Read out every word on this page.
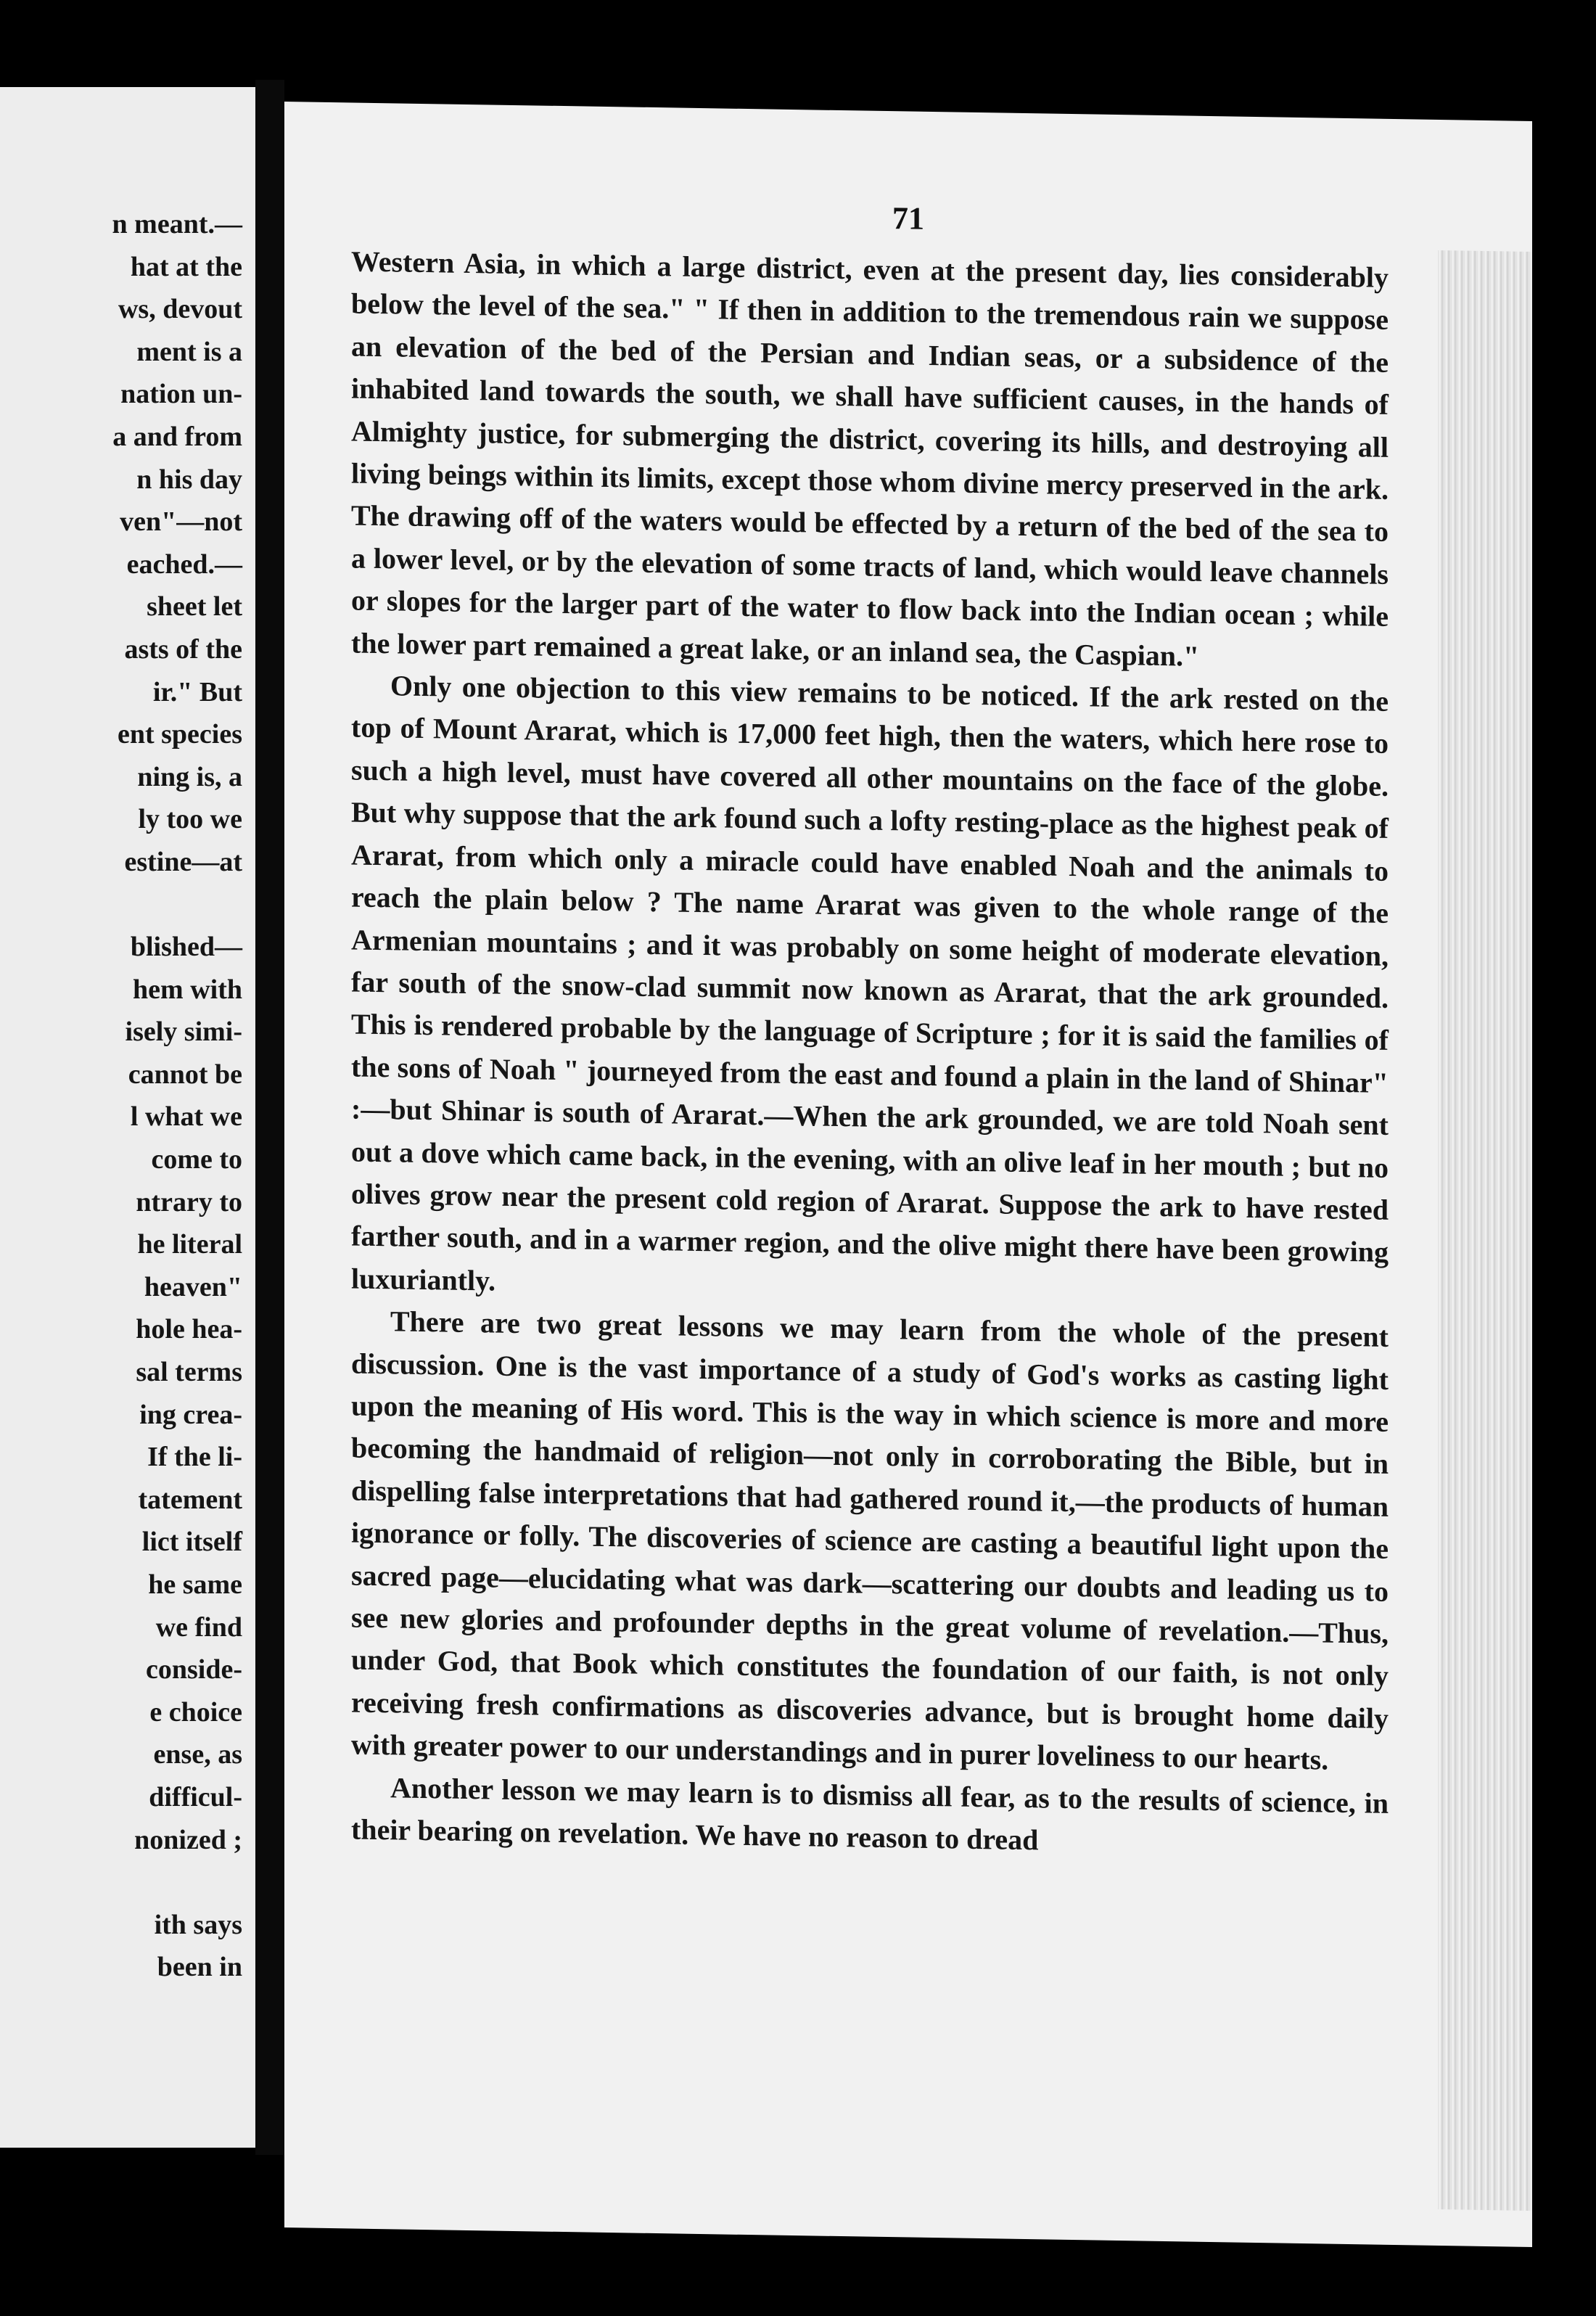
n meant.—
hat at the
ws, devout
ment is a
nation un-
a and from
n his day
ven"—not
eached.—
sheet let
asts of the
ir." But
ent species
ning is, a
ly too we
estine—at
blished—
hem with
isely simi-
cannot be
l what we
come to
ntrary to
he literal
heaven"
hole hea-
sal terms
ing crea-
If the li-
tatement
lict itself
he same
we find
conside-
e choice
ense, as
difficul-
nonized ;
ith says
been in
71

Western Asia, in which a large district, even at the present day, lies considerably below the level of the sea." " If then in addition to the tremendous rain we suppose an elevation of the bed of the Persian and Indian seas, or a subsidence of the inhabited land towards the south, we shall have sufficient causes, in the hands of Almighty justice, for submerging the district, covering its hills, and destroying all living beings within its limits, except those whom divine mercy preserved in the ark. The drawing off of the waters would be effected by a return of the bed of the sea to a lower level, or by the elevation of some tracts of land, which would leave channels or slopes for the larger part of the water to flow back into the Indian ocean ; while the lower part remained a great lake, or an inland sea, the Caspian."

Only one objection to this view remains to be noticed. If the ark rested on the top of Mount Ararat, which is 17,000 feet high, then the waters, which here rose to such a high level, must have covered all other mountains on the face of the globe. But why suppose that the ark found such a lofty resting-place as the highest peak of Ararat, from which only a miracle could have enabled Noah and the animals to reach the plain below ? The name Ararat was given to the whole range of the Armenian mountains ; and it was probably on some height of moderate elevation, far south of the snow-clad summit now known as Ararat, that the ark grounded. This is rendered probable by the language of Scripture ; for it is said the families of the sons of Noah " journeyed from the east and found a plain in the land of Shinar" :—but Shinar is south of Ararat.—When the ark grounded, we are told Noah sent out a dove which came back, in the evening, with an olive leaf in her mouth ; but no olives grow near the present cold region of Ararat. Suppose the ark to have rested farther south, and in a warmer region, and the olive might there have been growing luxuriantly.

There are two great lessons we may learn from the whole of the present discussion. One is the vast importance of a study of God's works as casting light upon the meaning of His word. This is the way in which science is more and more becoming the handmaid of religion—not only in corroborating the Bible, but in dispelling false interpretations that had gathered round it,—the products of human ignorance or folly. The discoveries of science are casting a beautiful light upon the sacred page—elucidating what was dark—scattering our doubts and leading us to see new glories and profounder depths in the great volume of revelation.—Thus, under God, that Book which constitutes the foundation of our faith, is not only receiving fresh confirmations as discoveries advance, but is brought home daily with greater power to our understandings and in purer loveliness to our hearts.

Another lesson we may learn is to dismiss all fear, as to the results of science, in their bearing on revelation. We have no reason to dread
